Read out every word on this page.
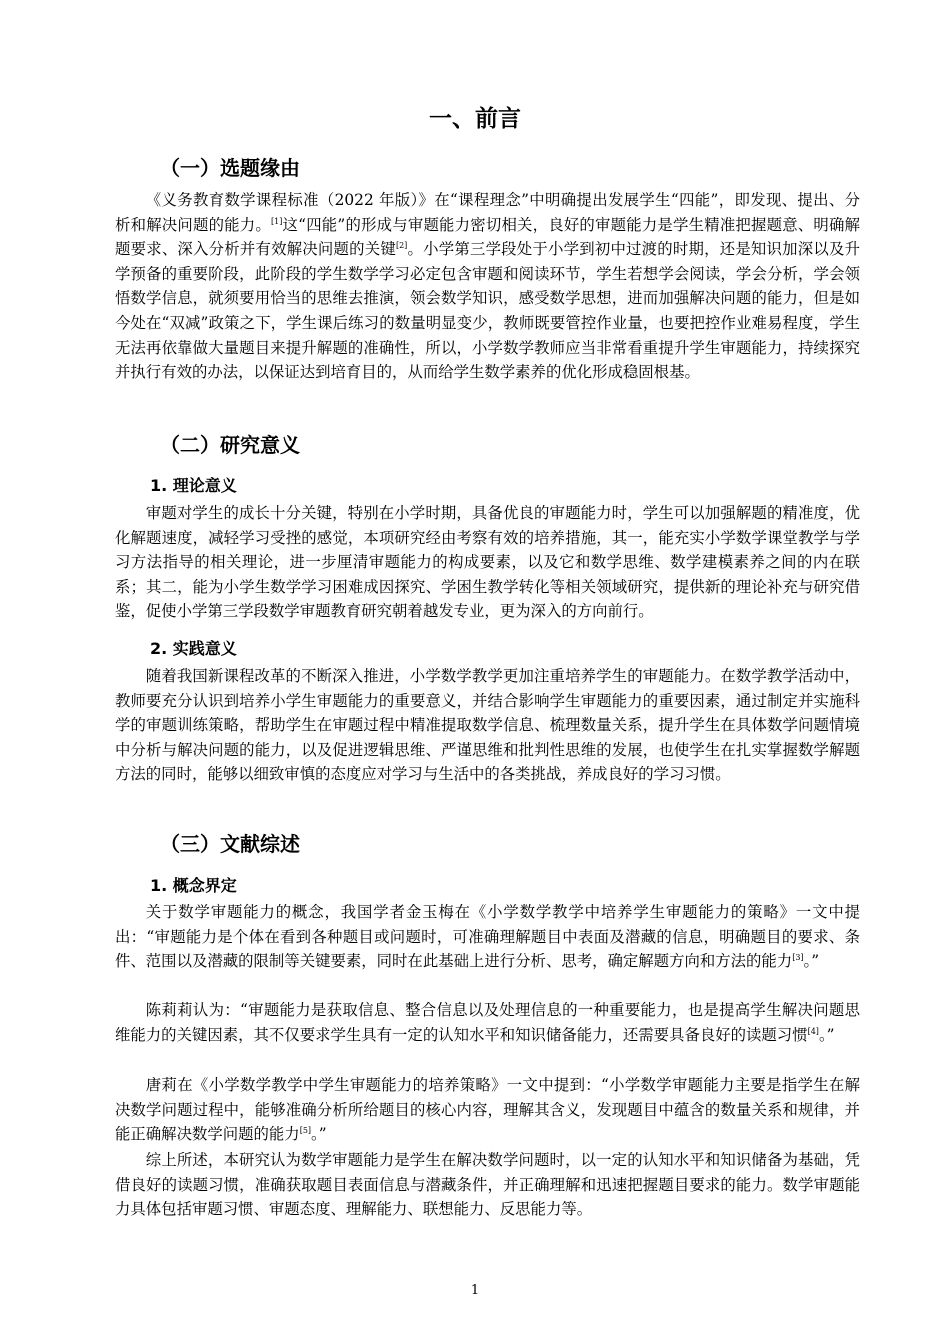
一、前言
（一）选题缘由

《义务教育数学课程标准（2022 年版）》在“课程理念”中明确提出发展学生“四能”，即发现、提出、分析和解决问题的能力。[1]这“四能”的形成与审题能力密切相关，良好的审题能力是学生精准把握题意、明确解题要求、深入分析并有效解决问题的关键[2]。小学第三学段处于小学到初中过渡的时期，还是知识加深以及升学预备的重要阶段，此阶段的学生数学学习必定包含审题和阅读环节，学生若想学会阅读，学会分析，学会领悟数学信息，就须要用恰当的思维去推演，领会数学知识，感受数学思想，进而加强解决问题的能力，但是如今处在“双减”政策之下，学生课后练习的数量明显变少，教师既要管控作业量，也要把控作业难易程度，学生无法再依靠做大量题目来提升解题的准确性，所以，小学数学教师应当非常看重提升学生审题能力，持续探究并执行有效的办法，以保证达到培育目的，从而给学生数学素养的优化形成稳固根基。

（二）研究意义
1. 理论意义

审题对学生的成长十分关键，特别在小学时期，具备优良的审题能力时，学生可以加强解题的精准度，优化解题速度，减轻学习受挫的感觉，本项研究经由考察有效的培养措施，其一，能充实小学数学课堂教学与学习方法指导的相关理论，进一步厘清审题能力的构成要素，以及它和数学思维、数学建模素养之间的内在联系；其二，能为小学生数学学习困难成因探究、学困生教学转化等相关领域研究，提供新的理论补充与研究借鉴，促使小学第三学段数学审题教育研究朝着越发专业，更为深入的方向前行。

2. 实践意义

随着我国新课程改革的不断深入推进，小学数学教学更加注重培养学生的审题能力。在数学教学活动中，教师要充分认识到培养小学生审题能力的重要意义，并结合影响学生审题能力的重要因素，通过制定并实施科学的审题训练策略，帮助学生在审题过程中精准提取数学信息、梳理数量关系，提升学生在具体数学问题情境中分析与解决问题的能力，以及促进逻辑思维、严谨思维和批判性思维的发展，也使学生在扎实掌握数学解题方法的同时，能够以细致审慎的态度应对学习与生活中的各类挑战，养成良好的学习习惯。

（三）文献综述
1. 概念界定

关于数学审题能力的概念，我国学者金玉梅在《小学数学教学中培养学生审题能力的策略》一文中提出：“审题能力是个体在看到各种题目或问题时，可准确理解题目中表面及潜藏的信息，明确题目的要求、条件、范围以及潜藏的限制等关键要素，同时在此基础上进行分析、思考，确定解题方向和方法的能力[3]。”

陈莉莉认为：“审题能力是获取信息、整合信息以及处理信息的一种重要能力，也是提高学生解决问题思维能力的关键因素，其不仅要求学生具有一定的认知水平和知识储备能力，还需要具备良好的读题习惯[4]。”

唐莉在《小学数学教学中学生审题能力的培养策略》一文中提到：“小学数学审题能力主要是指学生在解决数学问题过程中，能够准确分析所给题目的核心内容，理解其含义，发现题目中蕴含的数量关系和规律，并能正确解决数学问题的能力[5]。”

综上所述，本研究认为数学审题能力是学生在解决数学问题时，以一定的认知水平和知识储备为基础，凭借良好的读题习惯，准确获取题目表面信息与潜藏条件，并正确理解和迅速把握题目要求的能力。数学审题能力具体包括审题习惯、审题态度、理解能力、联想能力、反思能力等。

1
